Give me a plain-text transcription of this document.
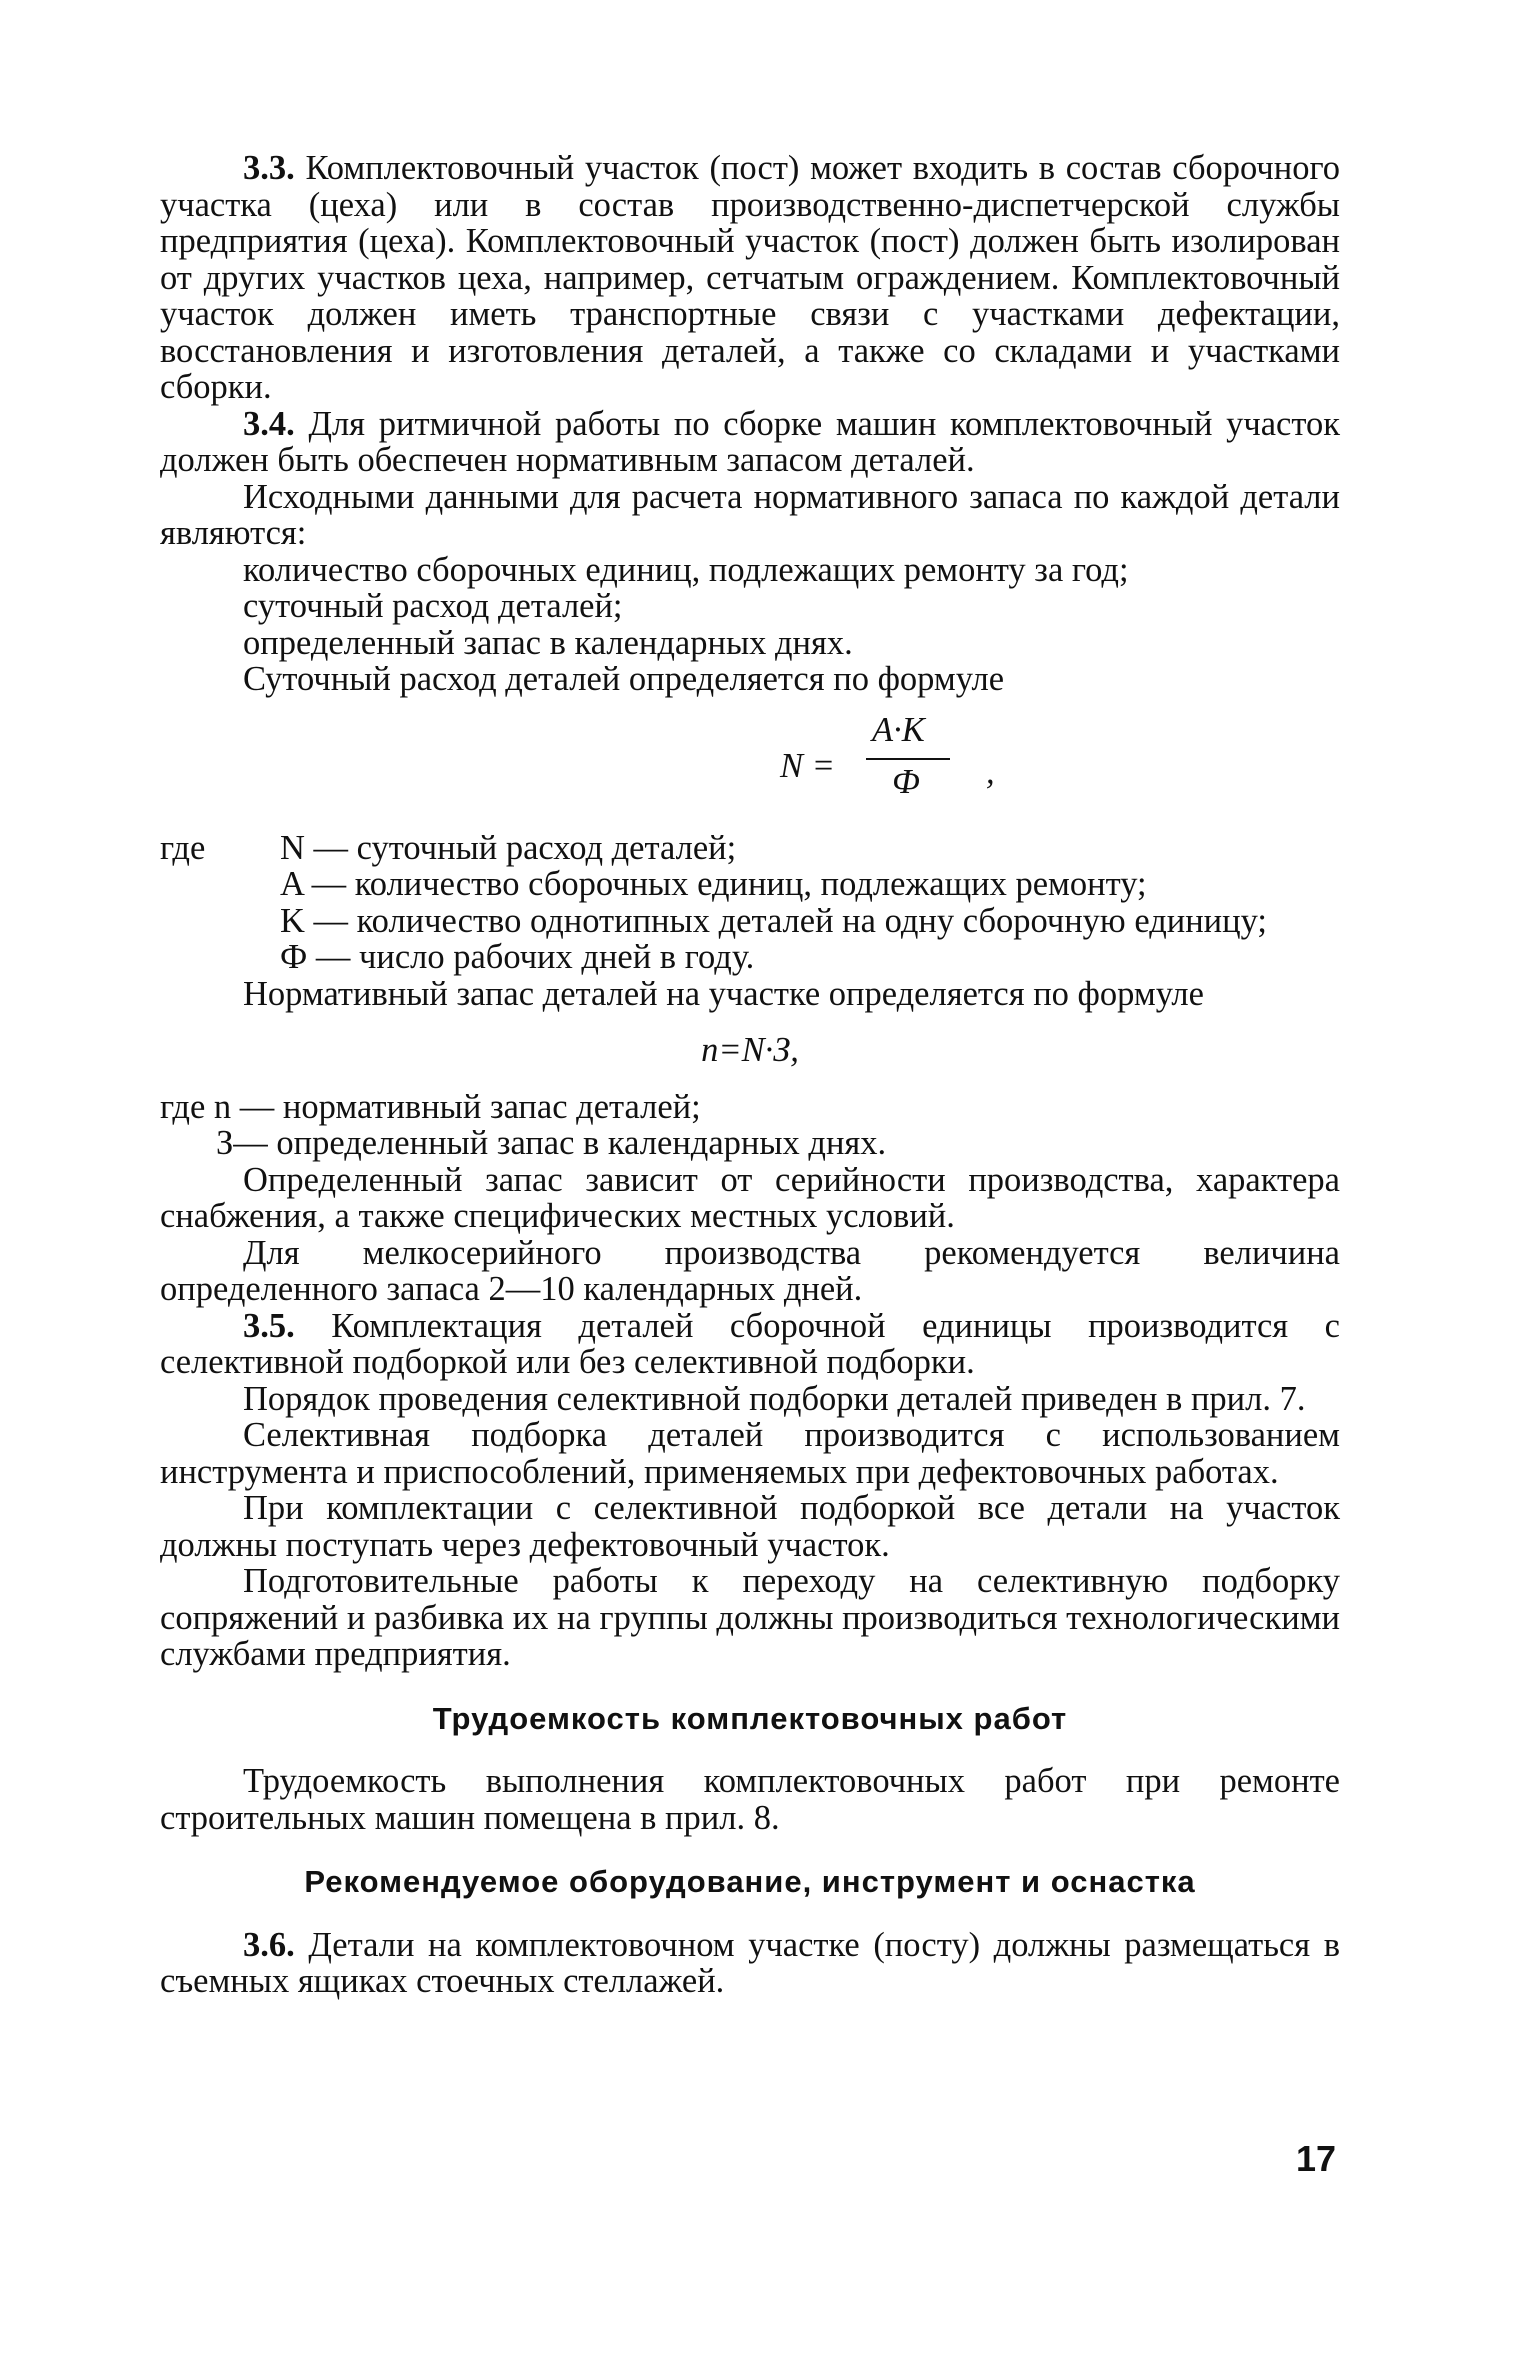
3.3. Комплектовочный участок (пост) может входить в состав сборочного участка (цеха) или в состав производственно-диспетчерской службы предприятия (цеха). Комплектовочный участок (пост) должен быть изолирован от других участков цеха, например, сетчатым ограждением. Комплектовочный участок должен иметь транспортные связи с участками дефектации, восстановления и изготовления деталей, а также со складами и участками сборки.

3.4. Для ритмичной работы по сборке машин комплектовочный участок должен быть обеспечен нормативным запасом деталей.

Исходными данными для расчета нормативного запаса по каждой детали являются:

количество сборочных единиц, подлежащих ремонту за год;

суточный расход деталей;

определенный запас в календарных днях.

Суточный расход деталей определяется по формуле

N =
A·K
Ф ,
где N — суточный расход деталей;

A — количество сборочных единиц, подлежащих ремонту;

K — количество однотипных деталей на одну сборочную единицу;

Ф — число рабочих дней в году.

Нормативный запас деталей на участке определяется по формуле

n=N·З,

где n — нормативный запас деталей;

З— определенный запас в календарных днях.

Определенный запас зависит от серийности производства, характера снабжения, а также специфических местных условий.

Для мелкосерийного производства рекомендуется величина определенного запаса 2—10 календарных дней.

3.5. Комплектация деталей сборочной единицы производится с селективной подборкой или без селективной подборки.

Порядок проведения селективной подборки деталей приведен в прил. 7.

Селективная подборка деталей производится с использованием инструмента и приспособлений, применяемых при дефектовочных работах.

При комплектации с селективной подборкой все детали на участок должны поступать через дефектовочный участок.

Подготовительные работы к переходу на селективную подборку сопряжений и разбивка их на группы должны производиться технологическими службами предприятия.

Трудоемкость комплектовочных работ

Трудоемкость выполнения комплектовочных работ при ремонте строительных машин помещена в прил. 8.

Рекомендуемое оборудование, инструмент и оснастка

3.6. Детали на комплектовочном участке (посту) должны размещаться в съемных ящиках стоечных стеллажей.

17
